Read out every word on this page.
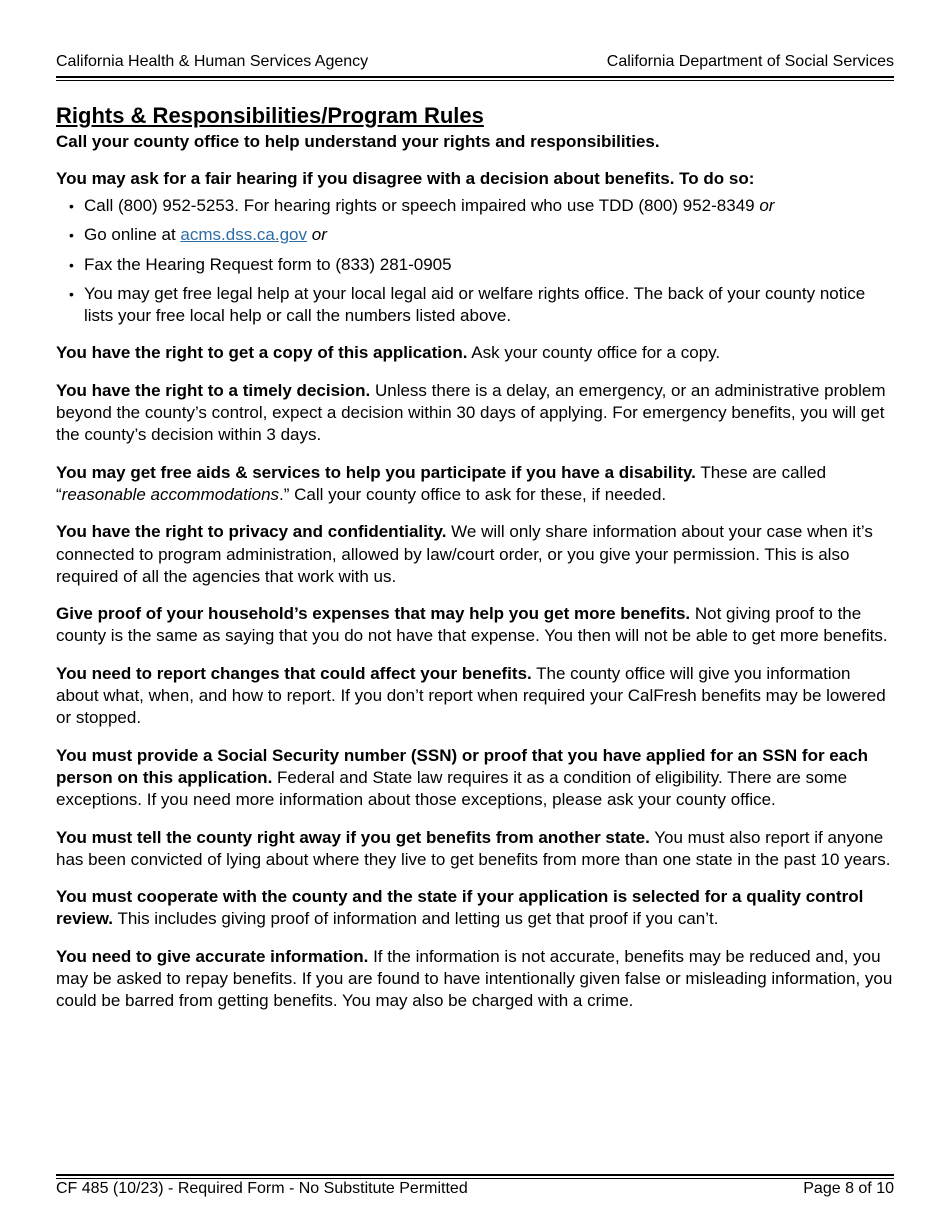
California Health & Human Services Agency	California Department of Social Services
Rights & Responsibilities/Program Rules

Call your county office to help understand your rights and responsibilities.

You may ask for a fair hearing if you disagree with a decision about benefits. To do so:

• Call (800) 952-5253. For hearing rights or speech impaired who use TDD (800) 952-8349 or
• Go online at acms.dss.ca.gov or
• Fax the Hearing Request form to (833) 281-0905
• You may get free legal help at your local legal aid or welfare rights office. The back of your county notice lists your free local help or call the numbers listed above.

You have the right to get a copy of this application. Ask your county office for a copy.

You have the right to a timely decision. Unless there is a delay, an emergency, or an administrative problem beyond the county’s control, expect a decision within 30 days of applying. For emergency benefits, you will get the county’s decision within 3 days.

You may get free aids & services to help you participate if you have a disability. These are called “reasonable accommodations.” Call your county office to ask for these, if needed.

You have the right to privacy and confidentiality. We will only share information about your case when it’s connected to program administration, allowed by law/court order, or you give your permission. This is also required of all the agencies that work with us.

Give proof of your household’s expenses that may help you get more benefits. Not giving proof to the county is the same as saying that you do not have that expense. You then will not be able to get more benefits.

You need to report changes that could affect your benefits. The county office will give you information about what, when, and how to report. If you don’t report when required your CalFresh benefits may be lowered or stopped.

You must provide a Social Security number (SSN) or proof that you have applied for an SSN for each person on this application. Federal and State law requires it as a condition of eligibility. There are some exceptions. If you need more information about those exceptions, please ask your county office.

You must tell the county right away if you get benefits from another state. You must also report if anyone has been convicted of lying about where they live to get benefits from more than one state in the past 10 years.

You must cooperate with the county and the state if your application is selected for a quality control review. This includes giving proof of information and letting us get that proof if you can’t.

You need to give accurate information. If the information is not accurate, benefits may be reduced and, you may be asked to repay benefits. If you are found to have intentionally given false or misleading information, you could be barred from getting benefits. You may also be charged with a crime.

CF 485 (10/23) - Required Form - No Substitute Permitted	Page 8 of 10
